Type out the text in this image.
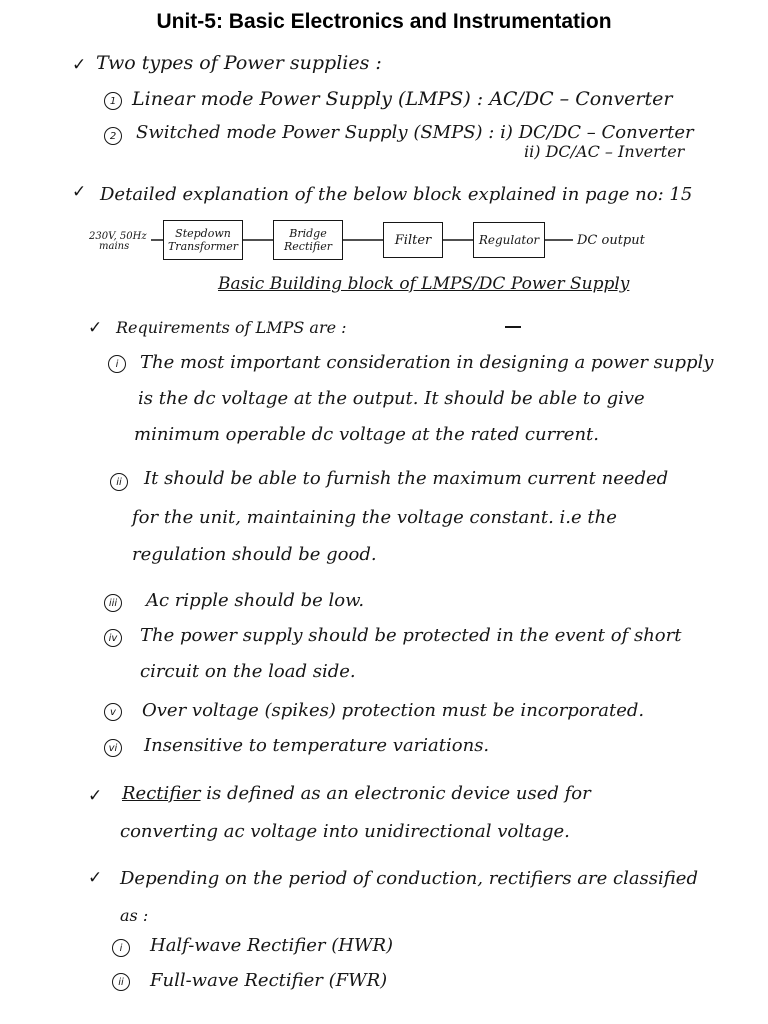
Unit-5: Basic Electronics and Instrumentation
✓ Two types of Power supplies :
1 Linear mode Power Supply (LMPS) : AC/DC – Converter
2	Switched mode Power Supply (SMPS) : i) DC/DC – Converter
ii) DC/AC – Inverter
✓ Detailed explanation of the below block explained in page no: 15
230V, 50Hz
mains
Stepdown
Transformer
Bridge
Rectifier	Filter	Regulator	DC output
Basic Building block of LMPS/DC Power Supply
✓ Requirements of LMPS are :
i	The most important consideration in designing a power supply
is the dc voltage at the output. It should be able to give
minimum operable dc voltage at the rated current.
ii	It should be able to furnish the maximum current needed
for the unit, maintaining the voltage constant. i.e the
regulation should be good.
iii Ac ripple should be low.
iv The power supply should be protected in the event of short
circuit on the load side.
v	Over voltage (spikes) protection must be incorporated.
vi Insensitive to temperature variations.
✓ Rectifier is defined as an electronic device used for
converting ac voltage into unidirectional voltage.
✓ Depending on the period of conduction, rectifiers are classified
as :
i	Half-wave Rectifier (HWR)
ii	Full-wave Rectifier (FWR)
